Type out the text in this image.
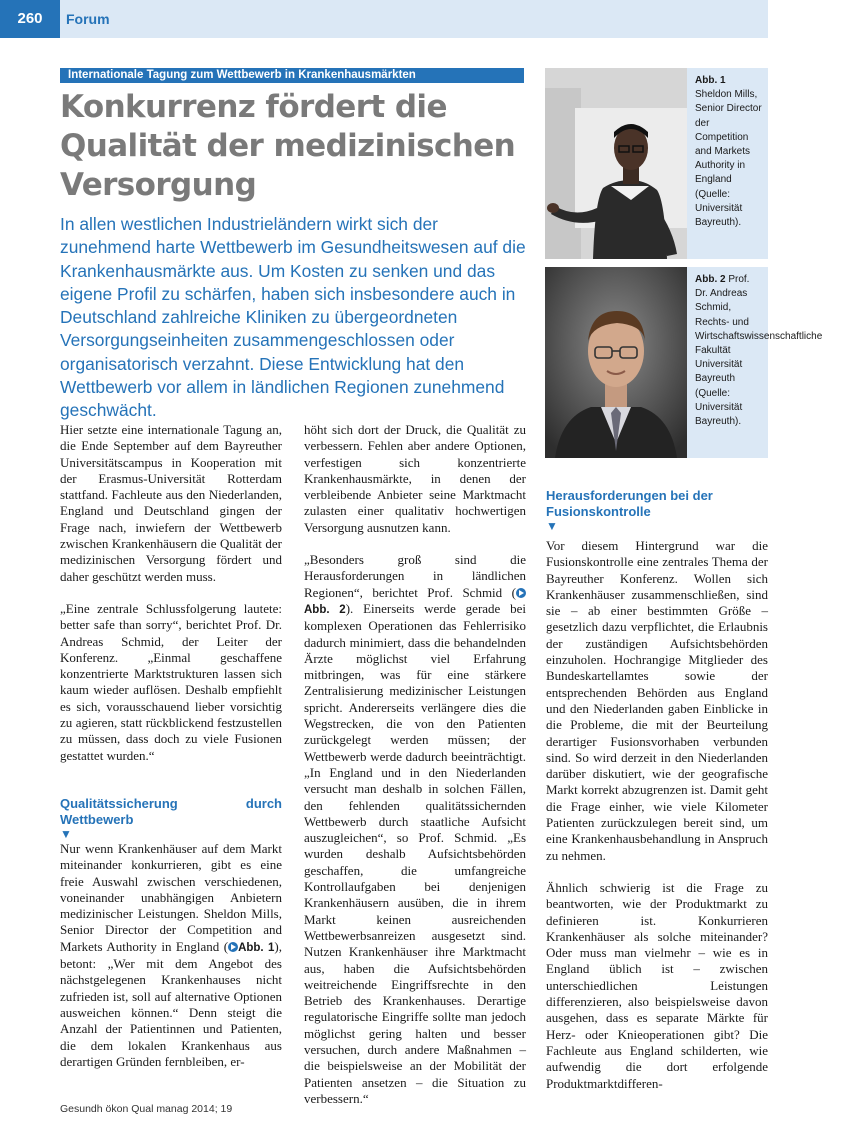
260	Forum
Internationale Tagung zum Wettbewerb in Krankenhausmärkten
Konkurrenz fördert die Qualität der medizinischen Versorgung

In allen westlichen Industrieländern wirkt sich der zunehmend harte Wettbewerb im Gesundheitswesen auf die Krankenhausmärkte aus. Um Kosten zu senken und das eigene Profil zu schärfen, haben sich insbesondere auch in Deutschland zahlreiche Kliniken zu übergeordneten Versorgungseinheiten zusammengeschlossen oder organisatorisch verzahnt. Diese Entwicklung hat den Wettbewerb vor allem in ländlichen Regionen zunehmend geschwächt.

Abb. 1 Sheldon Mills, Senior Director der Competition and Markets Authority in England (Quelle: Universität Bayreuth).
Abb. 2 Prof. Dr. Andreas Schmid, Rechts- und Wirtschaftswissenschaftliche Fakultät Universität Bayreuth (Quelle: Universität Bayreuth).

Hier setzte eine internationale Tagung an, die Ende September auf dem Bayreuther Universitätscampus in Kooperation mit der Erasmus-Universität Rotterdam stattfand. Fachleute aus den Niederlanden, England und Deutschland gingen der Frage nach, inwiefern der Wettbewerb zwischen Krankenhäusern die Qualität der medizinischen Versorgung fördert und daher geschützt werden muss.

„Eine zentrale Schlussfolgerung lautete: better safe than sorry“, berichtet Prof. Dr. Andreas Schmid, der Leiter der Konferenz. „Einmal geschaffene konzentrierte Marktstrukturen lassen sich kaum wieder auflösen. Deshalb empfiehlt es sich, vorausschauend lieber vorsichtig zu agieren, statt rückblickend festzustellen zu müssen, dass doch zu viele Fusionen gestattet wurden.“

Qualitätssicherung durch Wettbewerb

▼

Nur wenn Krankenhäuser auf dem Markt miteinander konkurrieren, gibt es eine freie Auswahl zwischen verschiedenen, voneinander unabhängigen Anbietern medizinischer Leistungen. Sheldon Mills, Senior Director der Competition and Markets Authority in England ( Abb. 1), betont: „Wer mit dem Angebot des nächstgelegenen Krankenhauses nicht zufrieden ist, soll auf alternative Optionen ausweichen können.“ Denn steigt die Anzahl der Patientinnen und Patienten, die dem lokalen Krankenhaus aus derartigen Gründen fernbleiben, er-

höht sich dort der Druck, die Qualität zu verbessern. Fehlen aber andere Optionen, verfestigen sich konzentrierte Krankenhausmärkte, in denen der verbleibende Anbieter seine Marktmacht zulasten einer qualitativ hochwertigen Versorgung ausnutzen kann.

„Besonders groß sind die Herausforderungen in ländlichen Regionen“, berichtet Prof. Schmid (Abb. 2). Einerseits werde gerade bei komplexen Operationen das Fehlerrisiko dadurch minimiert, dass die behandelnden Ärzte möglichst viel Erfahrung mitbringen, was für eine stärkere Zentralisierung medizinischer Leistungen spricht. Andererseits verlängere dies die Wegstrecken, die von den Patienten zurückgelegt werden müssen; der Wettbewerb werde dadurch beeinträchtigt. „In England und in den Niederlanden versucht man deshalb in solchen Fällen, den fehlenden qualitätssichernden Wettbewerb durch staatliche Aufsicht auszugleichen“, so Prof. Schmid. „Es wurden deshalb Aufsichtsbehörden geschaffen, die umfangreiche Kontrollaufgaben bei denjenigen Krankenhäusern ausüben, die in ihrem Markt keinen ausreichenden Wettbewerbsanreizen ausgesetzt sind. Nutzen Krankenhäuser ihre Marktmacht aus, haben die Aufsichtsbehörden weitreichende Eingriffsrechte in den Betrieb des Krankenhauses. Derartige regulatorische Eingriffe sollte man jedoch möglichst gering halten und besser versuchen, durch andere Maßnahmen – die beispielsweise an der Mobilität der Patienten ansetzen – die Situation zu verbessern.“

Herausforderungen bei der Fusionskontrolle

▼

Vor diesem Hintergrund war die Fusionskontrolle eine zentrales Thema der Bayreuther Konferenz. Wollen sich Krankenhäuser zusammenschließen, sind sie – ab einer bestimmten Größe – gesetzlich dazu verpflichtet, die Erlaubnis der zuständigen Aufsichtsbehörden einzuholen. Hochrangige Mitglieder des Bundeskartellamtes sowie der entsprechenden Behörden aus England und den Niederlanden gaben Einblicke in die Probleme, die mit der Beurteilung derartiger Fusionsvorhaben verbunden sind. So wird derzeit in den Niederlanden darüber diskutiert, wie der geografische Markt korrekt abzugrenzen ist. Damit geht die Frage einher, wie viele Kilometer Patienten zurückzulegen bereit sind, um eine Krankenhausbehandlung in Anspruch zu nehmen.

Ähnlich schwierig ist die Frage zu beantworten, wie der Produktmarkt zu definieren ist. Konkurrieren Krankenhäuser als solche miteinander? Oder muss man vielmehr – wie es in England üblich ist – zwischen unterschiedlichen Leistungen differenzieren, also beispielsweise davon ausgehen, dass es separate Märkte für Herz- oder Knieoperationen gibt? Die Fachleute aus England schilderten, wie aufwendig die dort erfolgende Produktmarktdifferen-

Gesundh ökon Qual manag 2014; 19
